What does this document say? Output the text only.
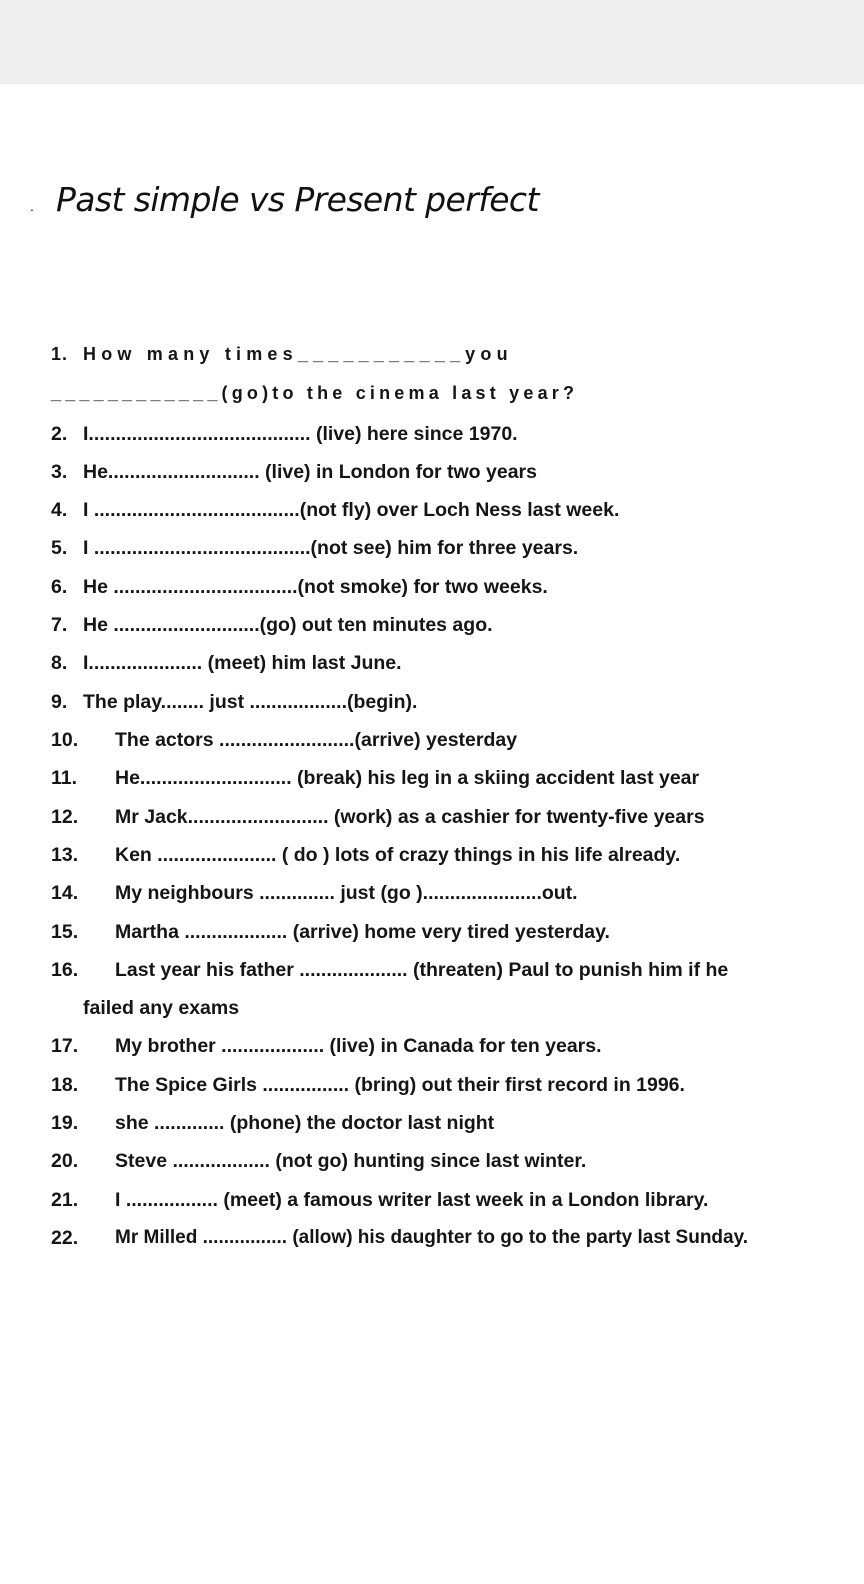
. Past simple vs Present perfect
1. How many times___________you
____________(go)to the cinema last year?
2. I......................................... (live) here since 1970.
3. He............................ (live) in London for two years
4. I ......................................(not fly) over Loch Ness last week.
5. I ........................................(not see) him for three years.
6. He ..................................(not smoke) for two weeks.
7. He ...........................(go) out ten minutes ago.
8. I..................... (meet) him last June.
9. The play........ just ..................(begin).
10. The actors .........................(arrive) yesterday
11. He............................ (break) his leg in a skiing accident last year
12. Mr Jack.......................... (work) as a cashier for twenty-five years
13. Ken ...................... ( do ) lots of crazy things in his life already.
14. My neighbours .............. just (go )......................out.
15. Martha ................... (arrive) home very tired yesterday.
16. Last year his father .................... (threaten) Paul to punish him if he
failed any exams
17. My brother ................... (live) in Canada for ten years.
18. The Spice Girls ................ (bring) out their first record in 1996.
19. she ............. (phone) the doctor last night
20. Steve .................. (not go) hunting since last winter.
21. I ................. (meet) a famous writer last week in a London library.
22. Mr Milled ................ (allow) his daughter to go to the party last Sunday.
